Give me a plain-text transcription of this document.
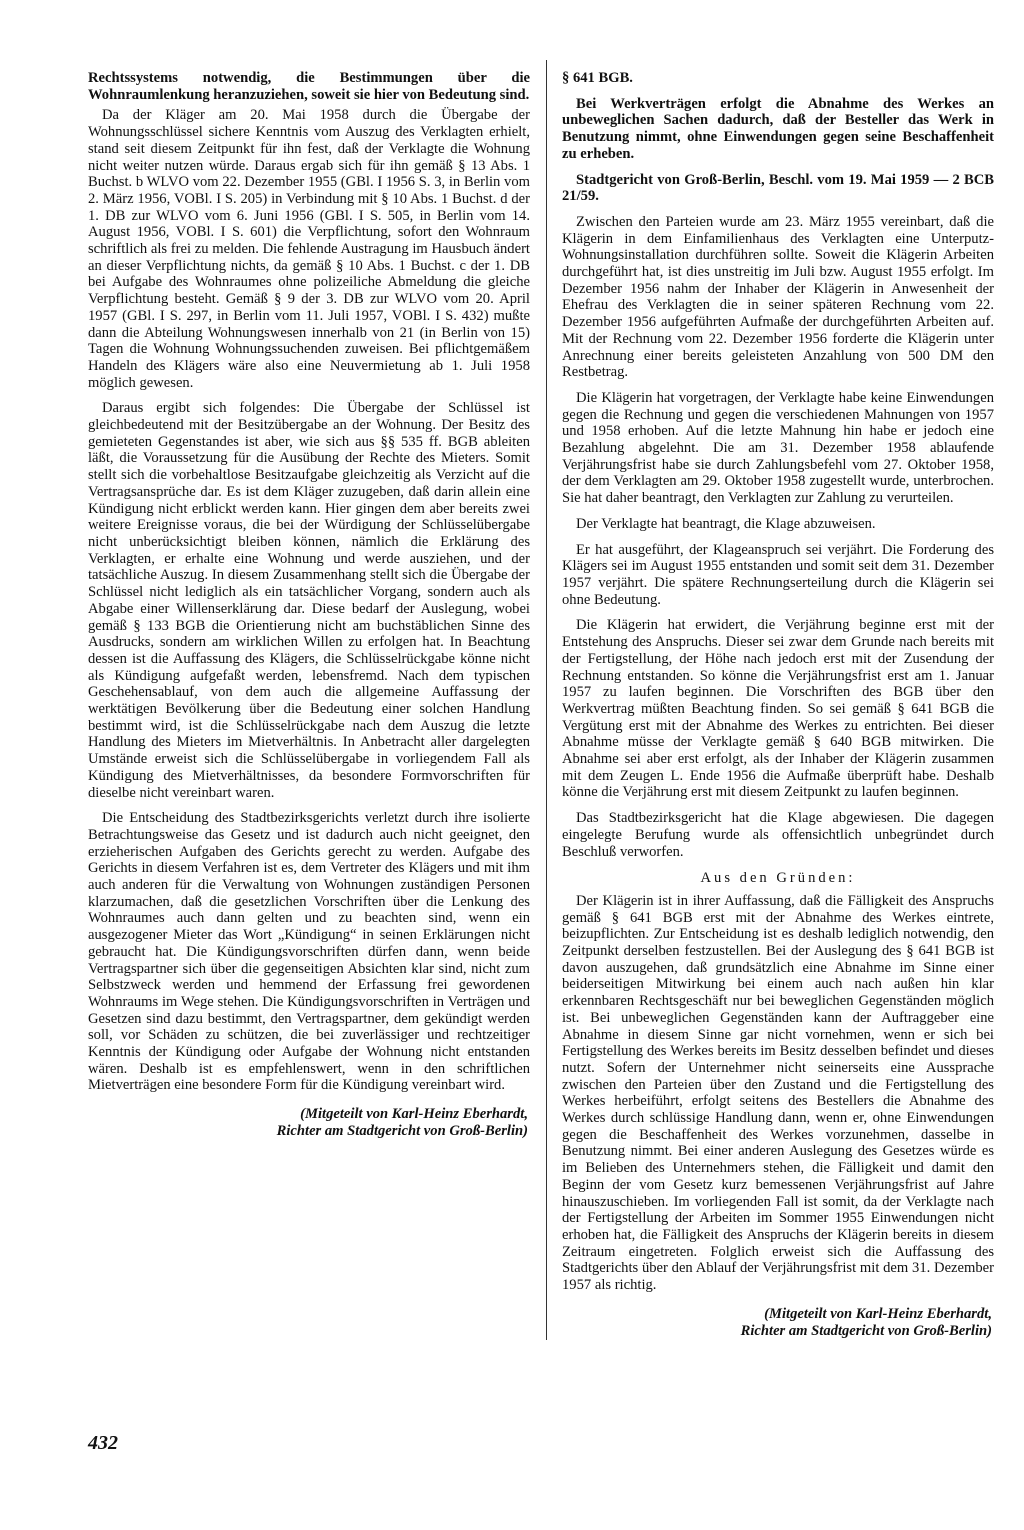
Rechtssystems notwendig, die Bestimmungen über die Wohnraumlenkung heranzuziehen, soweit sie hier von Bedeutung sind.

Da der Kläger am 20. Mai 1958 durch die Übergabe der Wohnungsschlüssel sichere Kenntnis vom Auszug des Verklagten erhielt, stand seit diesem Zeitpunkt für ihn fest, daß der Verklagte die Wohnung nicht weiter nutzen würde. Daraus ergab sich für ihn gemäß § 13 Abs. 1 Buchst. b WLVO vom 22. Dezember 1955 (GBl. I 1956 S. 3, in Berlin vom 2. März 1956, VOBl. I S. 205) in Verbindung mit § 10 Abs. 1 Buchst. d der 1. DB zur WLVO vom 6. Juni 1956 (GBl. I S. 505, in Berlin vom 14. August 1956, VOBl. I S. 601) die Verpflichtung, sofort den Wohnraum schriftlich als frei zu melden. Die fehlende Austragung im Hausbuch ändert an dieser Verpflichtung nichts, da gemäß § 10 Abs. 1 Buchst. c der 1. DB bei Aufgabe des Wohnraumes ohne polizeiliche Abmeldung die gleiche Verpflichtung besteht. Gemäß § 9 der 3. DB zur WLVO vom 20. April 1957 (GBl. I S. 297, in Berlin vom 11. Juli 1957, VOBl. I S. 432) mußte dann die Abteilung Wohnungswesen innerhalb von 21 (in Berlin von 15) Tagen die Wohnung Wohnungssuchenden zuweisen. Bei pflichtgemäßem Handeln des Klägers wäre also eine Neuvermietung ab 1. Juli 1958 möglich gewesen.

Daraus ergibt sich folgendes: Die Übergabe der Schlüssel ist gleichbedeutend mit der Besitzübergabe an der Wohnung. Der Besitz des gemieteten Gegenstandes ist aber, wie sich aus §§ 535 ff. BGB ableiten läßt, die Voraussetzung für die Ausübung der Rechte des Mieters. Somit stellt sich die vorbehaltlose Besitzaufgabe gleichzeitig als Verzicht auf die Vertragsansprüche dar. Es ist dem Kläger zuzugeben, daß darin allein eine Kündigung nicht erblickt werden kann. Hier gingen dem aber bereits zwei weitere Ereignisse voraus, die bei der Würdigung der Schlüsselübergabe nicht unberücksichtigt bleiben können, nämlich die Erklärung des Verklagten, er erhalte eine Wohnung und werde ausziehen, und der tatsächliche Auszug. In diesem Zusammenhang stellt sich die Übergabe der Schlüssel nicht lediglich als ein tatsächlicher Vorgang, sondern auch als Abgabe einer Willenserklärung dar. Diese bedarf der Auslegung, wobei gemäß § 133 BGB die Orientierung nicht am buchstäblichen Sinne des Ausdrucks, sondern am wirklichen Willen zu erfolgen hat. In Beachtung dessen ist die Auffassung des Klägers, die Schlüsselrückgabe könne nicht als Kündigung aufgefaßt werden, lebensfremd. Nach dem typischen Geschehensablauf, von dem auch die allgemeine Auffassung der werktätigen Bevölkerung über die Bedeutung einer solchen Handlung bestimmt wird, ist die Schlüsselrückgabe nach dem Auszug die letzte Handlung des Mieters im Mietverhältnis. In Anbetracht aller dargelegten Umstände erweist sich die Schlüsselübergabe in vorliegendem Fall als Kündigung des Mietverhältnisses, da besondere Formvorschriften für dieselbe nicht vereinbart waren.

Die Entscheidung des Stadtbezirksgerichts verletzt durch ihre isolierte Betrachtungsweise das Gesetz und ist dadurch auch nicht geeignet, den erzieherischen Aufgaben des Gerichts gerecht zu werden. Aufgabe des Gerichts in diesem Verfahren ist es, dem Vertreter des Klägers und mit ihm auch anderen für die Verwaltung von Wohnungen zuständigen Personen klarzumachen, daß die gesetzlichen Vorschriften über die Lenkung des Wohnraumes auch dann gelten und zu beachten sind, wenn ein ausgezogener Mieter das Wort „Kündigung“ in seinen Erklärungen nicht gebraucht hat. Die Kündigungsvorschriften dürfen dann, wenn beide Vertragspartner sich über die gegenseitigen Absichten klar sind, nicht zum Selbstzweck werden und hemmend der Erfassung frei gewordenen Wohnraums im Wege stehen. Die Kündigungsvorschriften in Verträgen und Gesetzen sind dazu bestimmt, den Vertragspartner, dem gekündigt werden soll, vor Schäden zu schützen, die bei zuverlässiger und rechtzeitiger Kenntnis der Kündigung oder Aufgabe der Wohnung nicht entstanden wären. Deshalb ist es empfehlenswert, wenn in den schriftlichen Mietverträgen eine besondere Form für die Kündigung vereinbart wird.

(Mitgeteilt von Karl-Heinz Eberhardt,

Richter am Stadtgericht von Groß-Berlin)

§ 641 BGB.

Bei Werkverträgen erfolgt die Abnahme des Werkes an unbeweglichen Sachen dadurch, daß der Besteller das Werk in Benutzung nimmt, ohne Einwendungen gegen seine Beschaffenheit zu erheben.

Stadtgericht von Groß-Berlin, Beschl. vom 19. Mai 1959 — 2 BCB 21/59.

Zwischen den Parteien wurde am 23. März 1955 vereinbart, daß die Klägerin in dem Einfamilienhaus des Verklagten eine Unterputz-Wohnungsinstallation durchführen sollte. Soweit die Klägerin Arbeiten durchgeführt hat, ist dies unstreitig im Juli bzw. August 1955 erfolgt. Im Dezember 1956 nahm der Inhaber der Klägerin in Anwesenheit der Ehefrau des Verklagten die in seiner späteren Rechnung vom 22. Dezember 1956 aufgeführten Aufmaße der durchgeführten Arbeiten auf. Mit der Rechnung vom 22. Dezember 1956 forderte die Klägerin unter Anrechnung einer bereits geleisteten Anzahlung von 500 DM den Restbetrag.

Die Klägerin hat vorgetragen, der Verklagte habe keine Einwendungen gegen die Rechnung und gegen die verschiedenen Mahnungen von 1957 und 1958 erhoben. Auf die letzte Mahnung hin habe er jedoch eine Bezahlung abgelehnt. Die am 31. Dezember 1958 ablaufende Verjährungsfrist habe sie durch Zahlungsbefehl vom 27. Oktober 1958, der dem Verklagten am 29. Oktober 1958 zugestellt wurde, unterbrochen. Sie hat daher beantragt, den Verklagten zur Zahlung zu verurteilen.

Der Verklagte hat beantragt, die Klage abzuweisen.

Er hat ausgeführt, der Klageanspruch sei verjährt. Die Forderung des Klägers sei im August 1955 entstanden und somit seit dem 31. Dezember 1957 verjährt. Die spätere Rechnungserteilung durch die Klägerin sei ohne Bedeutung.

Die Klägerin hat erwidert, die Verjährung beginne erst mit der Entstehung des Anspruchs. Dieser sei zwar dem Grunde nach bereits mit der Fertigstellung, der Höhe nach jedoch erst mit der Zusendung der Rechnung entstanden. So könne die Verjährungsfrist erst am 1. Januar 1957 zu laufen beginnen. Die Vorschriften des BGB über den Werkvertrag müßten Beachtung finden. So sei gemäß § 641 BGB die Vergütung erst mit der Abnahme des Werkes zu entrichten. Bei dieser Abnahme müsse der Verklagte gemäß § 640 BGB mitwirken. Die Abnahme sei aber erst erfolgt, als der Inhaber der Klägerin zusammen mit dem Zeugen L. Ende 1956 die Aufmaße überprüft habe. Deshalb könne die Verjährung erst mit diesem Zeitpunkt zu laufen beginnen.

Das Stadtbezirksgericht hat die Klage abgewiesen. Die dagegen eingelegte Berufung wurde als offensichtlich unbegründet durch Beschluß verworfen.

Aus den Gründen:

Der Klägerin ist in ihrer Auffassung, daß die Fälligkeit des Anspruchs gemäß § 641 BGB erst mit der Abnahme des Werkes eintrete, beizupflichten. Zur Entscheidung ist es deshalb lediglich notwendig, den Zeitpunkt derselben festzustellen. Bei der Auslegung des § 641 BGB ist davon auszugehen, daß grundsätzlich eine Abnahme im Sinne einer beiderseitigen Mitwirkung bei einem auch nach außen hin klar erkennbaren Rechtsgeschäft nur bei beweglichen Gegenständen möglich ist. Bei unbeweglichen Gegenständen kann der Auftraggeber eine Abnahme in diesem Sinne gar nicht vornehmen, wenn er sich bei Fertigstellung des Werkes bereits im Besitz desselben befindet und dieses nutzt. Sofern der Unternehmer nicht seinerseits eine Aussprache zwischen den Parteien über den Zustand und die Fertigstellung des Werkes herbeiführt, erfolgt seitens des Bestellers die Abnahme des Werkes durch schlüssige Handlung dann, wenn er, ohne Einwendungen gegen die Beschaffenheit des Werkes vorzunehmen, dasselbe in Benutzung nimmt. Bei einer anderen Auslegung des Gesetzes würde es im Belieben des Unternehmers stehen, die Fälligkeit und damit den Beginn der vom Gesetz kurz bemessenen Verjährungsfrist auf Jahre hinauszuschieben. Im vorliegenden Fall ist somit, da der Verklagte nach der Fertigstellung der Arbeiten im Sommer 1955 Einwendungen nicht erhoben hat, die Fälligkeit des Anspruchs der Klägerin bereits in diesem Zeitraum eingetreten. Folglich erweist sich die Auffassung des Stadtgerichts über den Ablauf der Verjährungsfrist mit dem 31. Dezember 1957 als richtig.

(Mitgeteilt von Karl-Heinz Eberhardt,

Richter am Stadtgericht von Groß-Berlin)

432
